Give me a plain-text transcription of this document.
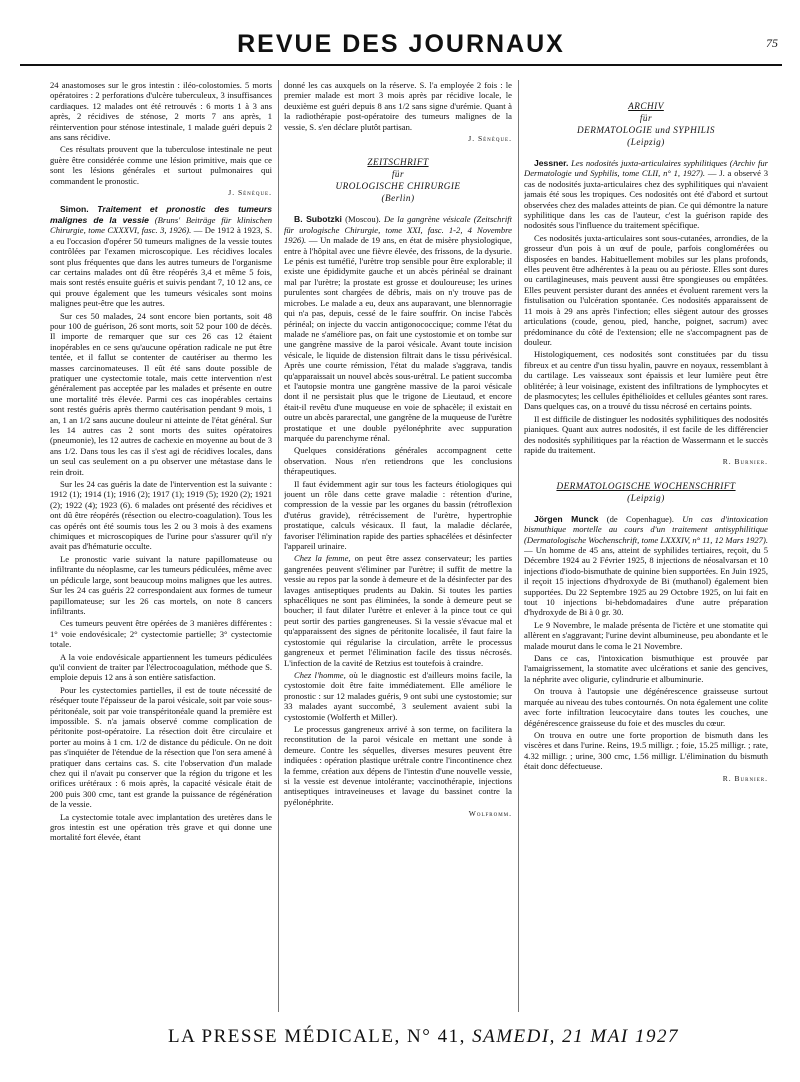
REVUE DES JOURNAUX	75

24 anastomoses sur le gros intestin : iléo-colostomies. 5 morts opératoires : 2 perforations d'ulcère tuberculeux, 3 insuffisances cardiaques. 12 malades ont été retrouvés : 6 morts 1 à 3 ans après, 2 récidives de sténose, 2 morts 7 ans après, 1 réintervention pour sténose intestinale, 1 malade guéri depuis 2 ans sans récidive.

Ces résultats prouvent que la tuberculose intestinale ne peut guère être considérée comme une lésion primitive, mais que ce sont les lésions générales et surtout pulmonaires qui commandent le pronostic.

J. Sénèque.

Simon. Traitement et pronostic des tumeurs malignes de la vessie (Bruns' Beiträge für klinischen Chirurgie, tome CXXXVI, fasc. 3, 1926). — De 1912 à 1923, S. a eu l'occasion d'opérer 50 tumeurs malignes de la vessie toutes contrôlées par l'examen microscopique. Les récidives locales sont plus fréquentes que dans les autres tumeurs de l'organisme car certains malades ont dû être réopérés 3,4 et même 5 fois, mais sont restés ensuite guéris et suivis pendant 7, 10 12 ans, ce qui prouve également que les tumeurs vésicales sont moins malignes peut-être que les autres.

Sur ces 50 malades, 24 sont encore bien portants, soit 48 pour 100 de guérison, 26 sont morts, soit 52 pour 100 de décès. Il importe de remarquer que sur ces 26 cas 12 étaient inopérables en ce sens qu'aucune opération radicale ne put être tentée, et il fallut se contenter de cautériser au thermo les masses carcinomateuses. Il eût été sans doute possible de pratiquer une cystectomie totale, mais cette intervention n'est généralement pas acceptée par les malades et présente en outre une mortalité très élevée. Parmi ces cas inopérables certains sont restés guéris après thermo cautérisation pendant 9 mois, 1 an, 1 an 1/2 sans aucune douleur ni atteinte de l'état général. Sur les 14 autres cas 2 sont morts des suites opératoires (pneumonie), les 12 autres de cachexie en moyenne au bout de 3 ans 1/2. Dans tous les cas il s'est agi de récidives locales, dans un seul cas seulement on a pu observer une métastase dans le rein droit.

Sur les 24 cas guéris la date de l'intervention est la suivante : 1912 (1); 1914 (1); 1916 (2); 1917 (1); 1919 (5); 1920 (2); 1921 (2); 1922 (4); 1923 (6). 6 malades ont présenté des récidives et ont dû être réopérés (résection ou electro-coagulation). Tous les cas opérés ont été soumis tous les 2 ou 3 mois à des examens chimiques et microscopiques de l'urine pour s'assurer qu'il n'y avait pas d'hématurie occulte.

Le pronostic varie suivant la nature papillomateuse ou infiltrante du néoplasme, car les tumeurs pédiculées, même avec un pédicule large, sont beaucoup moins malignes que les autres. Sur les 24 cas guéris 22 correspondaient aux formes de tumeur papillomateuse; sur les 26 cas mortels, on note 8 cancers infiltrants.

Ces tumeurs peuvent être opérées de 3 manières différentes : 1° voie endovésicale; 2° cystectomie partielle; 3° cystectomie totale.

A la voie endovésicale appartiennent les tumeurs pédiculées qu'il convient de traiter par l'électrocoagulation, méthode que S. emploie depuis 12 ans à son entière satisfaction.

Pour les cystectomies partielles, il est de toute nécessité de réséquer toute l'épaisseur de la paroi vésicale, soit par voie sous-péritonéale, soit par voie transpéritonéale quand la première est impossible. S. n'a jamais observé comme complication de péritonite post-opératoire. La résection doit être circulaire et porter au moins à 1 cm. 1/2 de distance du pédicule. On ne doit pas s'inquiéter de l'étendue de la résection que l'on sera amené à pratiquer dans certains cas. S. cite l'observation d'un malade chez qui il n'avait pu conserver que la région du trigone et les orifices urétéraux : 6 mois après, la capacité vésicale était de 200 puis 300 cmc, tant est grande la puissance de régénération de la vessie.

La cystectomie totale avec implantation des uretères dans le gros intestin est une opération très grave et qui donne une mortalité fort élevée, étant

donné les cas auxquels on la réserve. S. l'a employée 2 fois : le premier malade est mort 3 mois après par récidive locale, le deuxième est guéri depuis 8 ans 1/2 sans signe d'urémie. Quant à la radiothérapie post-opératoire des tumeurs malignes de la vessie, S. s'en déclare plutôt partisan.

J. Sénèque.
ZEITSCHRIFT
für
UROLOGISCHE CHIRURGIE
(Berlin)

B. Subotzki (Moscou). De la gangrène vésicale (Zeitschrift für urologische Chirurgie, tome XXI, fasc. 1-2, 4 Novembre 1926). — Un malade de 19 ans, en état de misère physiologique, entre à l'hôpital avec une fièvre élevée, des frissons, de la dysurie. Le pénis est tuméfié, l'urètre trop sensible pour être explorable; il existe une épididymite gauche et un abcès périnéal se drainant mal par l'urètre; la prostate est grosse et douloureuse; les urines purulentes sont chargées de débris, mais on n'y trouve pas de microbes. Le malade a eu, deux ans auparavant, une blennorragie qui n'a pas, depuis, cessé de le faire souffrir. On incise l'abcès périnéal; on injecte du vaccin antigonococcique; comme l'état du malade ne s'améliore pas, on fait une cystostomie et on tombe sur une gangrène massive de la paroi vésicale. Avant toute incision vésicale, le liquide de distension filtrait dans le tissu périvésical. Après une courte rémission, l'état du malade s'aggrava, tandis qu'apparaissait un nouvel abcès sous-urétral. Le patient succomba et l'autopsie montra une gangrène massive de la paroi vésicale dont il ne persistait plus que le trigone de Lieutaud, et encore était-il revêtu d'une muqueuse en voie de sphacèle; il existait en outre un abcès pararectal, une gangrène de la muqueuse de l'urètre prostatique et une double pyélonéphrite avec suppuration marquée du parenchyme rénal.

Quelques considérations générales accompagnent cette observation. Nous n'en retiendrons que les conclusions thérapeutiques.

Il faut évidemment agir sur tous les facteurs étiologiques qui jouent un rôle dans cette grave maladie : rétention d'urine, compression de la vessie par les organes du bassin (rétroflexion d'utérus gravide), rétrécissement de l'urètre, hypertrophie prostatique, calculs vésicaux. Il faut, la maladie déclarée, favoriser l'élimination rapide des parties sphacélées et désinfecter l'appareil urinaire.

Chez la femme, on peut être assez conservateur; les parties gangrenées peuvent s'éliminer par l'urètre; il suffit de mettre la vessie au repos par la sonde à demeure et de la désinfecter par des lavages antiseptiques prudents au Dakin. Si toutes les parties sphacéliques ne sont pas éliminées, la sonde à demeure peut se boucher; il faut dilater l'urètre et enlever à la pince tout ce qui peut sortir des parties gangreneuses. Si la vessie s'évacue mal et qu'apparaissent des signes de péritonite localisée, il faut faire la cystostomie qui régularise la circulation, arrête le processus gangreneux et permet l'élimination facile des tissus nécrosés. L'infection de la cavité de Retzius est toutefois à craindre.

Chez l'homme, où le diagnostic est d'ailleurs moins facile, la cystostomie doit être faite immédiatement. Elle améliore le pronostic : sur 12 malades guéris, 9 ont subi une cystostomie; sur 33 malades ayant succombé, 3 seulement avaient subi la cystostomie (Wolferth et Miller).

Le processus gangreneux arrivé à son terme, on facilitera la reconstitution de la paroi vésicale en mettant une sonde à demeure. Contre les séquelles, diverses mesures peuvent être indiquées : opération plastique urétrale contre l'incontinence chez la femme, création aux dépens de l'intestin d'une nouvelle vessie, si la vessie est devenue intolérante; vaccinothérapie, injections antiseptiques intraveineuses et lavage du bassinet contre la pyélonéphrite.

Wolfromm.
ARCHIV
für
DERMATOLOGIE und SYPHILIS
(Leipzig)

Jessner. Les nodosités juxta-articulaires syphilitiques (Archiv fur Dermatologie und Syphilis, tome CLII, n° 1, 1927). — J. a observé 3 cas de nodosités juxta-articulaires chez des syphilitiques qui n'avaient jamais été sous les tropiques. Ces nodosités ont été d'abord et surtout observées chez des malades atteints de pian. Ce qui démontre la nature syphilitique dans les cas de l'auteur, c'est la guérison rapide des nodosités sous l'influence du traitement spécifique.

Ces nodosités juxta-articulaires sont sous-cutanées, arrondies, de la grosseur d'un pois à un œuf de poule, parfois conglomérées ou disposées en bandes. Habituellement mobiles sur les plans profonds, elles peuvent être adhérentes à la peau ou au périoste. Elles sont dures ou cartilagineuses, mais peuvent aussi être spongieuses ou empâtées. Elles peuvent persister durant des années et évoluent rarement vers la fistulisation ou l'ulcération spontanée. Ces nodosités apparaissent de 11 mois à 29 ans après l'infection; elles siègent autour des grosses articulations (coude, genou, pied, hanche, poignet, sacrum) avec prédominance du côté de l'extension; elle ne s'accompagnent pas de douleur.

Histologiquement, ces nodosités sont constituées par du tissu fibreux et au centre d'un tissu hyalin, pauvre en noyaux, ressemblant à du cartilage. Les vaisseaux sont épaissis et leur lumière peut être oblitérée; à leur voisinage, existent des infiltrations de lymphocytes et de plasmocytes; les cellules épithélioïdes et cellules géantes sont rares. Dans quelques cas, on a trouvé du tissu nécrosé en certains points.

Il est difficile de distinguer les nodosités syphilitiques des nodosités pianiques. Quant aux autres nodosités, il est facile de les différencier des nodosités syphilitiques par la réaction de Wassermann et le succès rapide du traitement.

R. Burnier.
DERMATOLOGISCHE WOCHENSCHRIFT
(Leipzig)

Jörgen Munck (de Copenhague). Un cas d'intoxication bismuthique mortelle au cours d'un traitement antisyphilitique (Dermatologische Wochenschrift, tome LXXXIV, n° 11, 12 Mars 1927). — Un homme de 45 ans, atteint de syphilides tertiaires, reçoit, du 5 Décembre 1924 au 2 Février 1925, 8 injections de néosalvarsan et 10 injections d'iodo-bismuthate de quinine bien supportées. En Juin 1925, il reçoit 15 injections d'hydroxyde de Bi (muthanol) également bien supportées. Du 22 Septembre 1925 au 29 Octobre 1925, on lui fait en tout 10 injections bi-hebdomadaires d'une autre préparation d'hydroxyde de Bi à 0 gr. 30.

Le 9 Novembre, le malade présenta de l'ictère et une stomatite qui allèrent en s'aggravant; l'urine devint albumineuse, peu abondante et le malade mourut dans le coma le 21 Novembre.

Dans ce cas, l'intoxication bismuthique est prouvée par l'amaigrissement, la stomatite avec ulcérations et sanie des gencives, la néphrite avec oligurie, cylindrurie et albuminurie.

On trouva à l'autopsie une dégénérescence graisseuse surtout marquée au niveau des tubes contournés. On nota également une colite avec forte infiltration leucocytaire dans toutes les couches, une dégénérescence graisseuse du foie et des muscles du cœur.

On trouva en outre une forte proportion de bismuth dans les viscères et dans l'urine. Reins, 19.5 milligr. ; foie, 15.25 milligr. ; rate, 4.32 milligr. ; urine, 300 cmc, 1.56 milligr. L'élimination du bismuth était donc défectueuse.

R. Burnier.
LA PRESSE MÉDICALE, N° 41, SAMEDI, 21 MAI 1927
